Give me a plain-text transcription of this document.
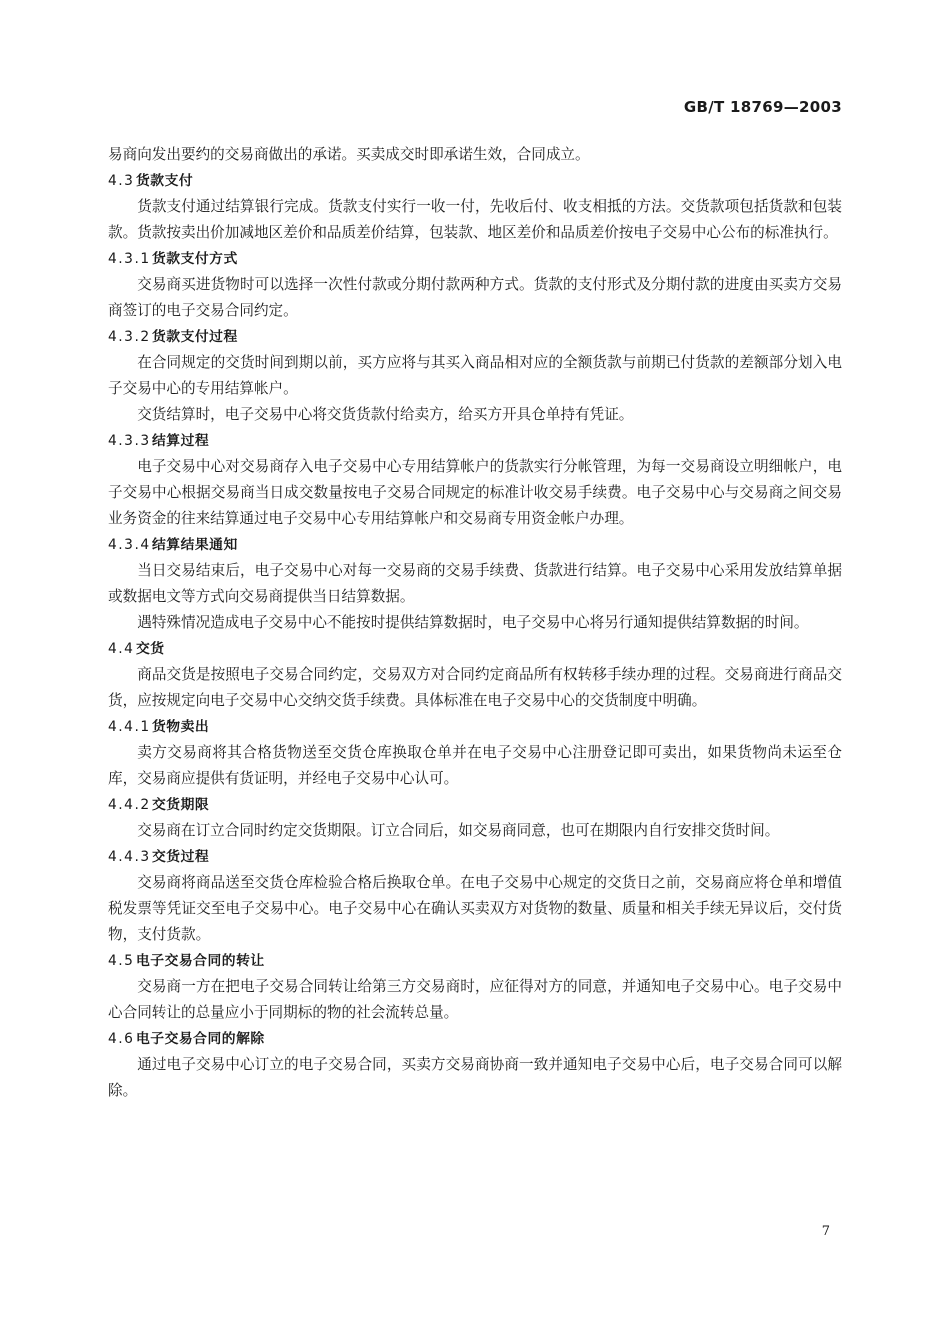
GB/T 18769—2003

易商向发出要约的交易商做出的承诺。买卖成交时即承诺生效，合同成立。

4.3 货款支付

货款支付通过结算银行完成。货款支付实行一收一付，先收后付、收支相抵的方法。交货款项包括货款和包装款。货款按卖出价加减地区差价和品质差价结算，包装款、地区差价和品质差价按电子交易中心公布的标准执行。

4.3.1货款支付方式

交易商买进货物时可以选择一次性付款或分期付款两种方式。货款的支付形式及分期付款的进度由买卖方交易商签订的电子交易合同约定。

4.3.2货款支付过程

在合同规定的交货时间到期以前，买方应将与其买入商品相对应的全额货款与前期已付货款的差额部分划入电子交易中心的专用结算帐户。

交货结算时，电子交易中心将交货货款付给卖方，给买方开具仓单持有凭证。

4.3.3结算过程

电子交易中心对交易商存入电子交易中心专用结算帐户的货款实行分帐管理，为每一交易商设立明细帐户，电子交易中心根据交易商当日成交数量按电子交易合同规定的标准计收交易手续费。电子交易中心与交易商之间交易业务资金的往来结算通过电子交易中心专用结算帐户和交易商专用资金帐户办理。

4.3.4结算结果通知

当日交易结束后，电子交易中心对每一交易商的交易手续费、货款进行结算。电子交易中心采用发放结算单据或数据电文等方式向交易商提供当日结算数据。

遇特殊情况造成电子交易中心不能按时提供结算数据时，电子交易中心将另行通知提供结算数据的时间。

4.4 交货

商品交货是按照电子交易合同约定，交易双方对合同约定商品所有权转移手续办理的过程。交易商进行商品交货，应按规定向电子交易中心交纳交货手续费。具体标准在电子交易中心的交货制度中明确。

4.4.1货物卖出

卖方交易商将其合格货物送至交货仓库换取仓单并在电子交易中心注册登记即可卖出，如果货物尚未运至仓库，交易商应提供有货证明，并经电子交易中心认可。

4.4.2交货期限

交易商在订立合同时约定交货期限。订立合同后，如交易商同意，也可在期限内自行安排交货时间。

4.4.3交货过程

交易商将商品送至交货仓库检验合格后换取仓单。在电子交易中心规定的交货日之前，交易商应将仓单和增值税发票等凭证交至电子交易中心。电子交易中心在确认买卖双方对货物的数量、质量和相关手续无异议后，交付货物，支付货款。

4.5 电子交易合同的转让

交易商一方在把电子交易合同转让给第三方交易商时，应征得对方的同意，并通知电子交易中心。电子交易中心合同转让的总量应小于同期标的物的社会流转总量。

4.6 电子交易合同的解除

通过电子交易中心订立的电子交易合同，买卖方交易商协商一致并通知电子交易中心后，电子交易合同可以解除。

7
